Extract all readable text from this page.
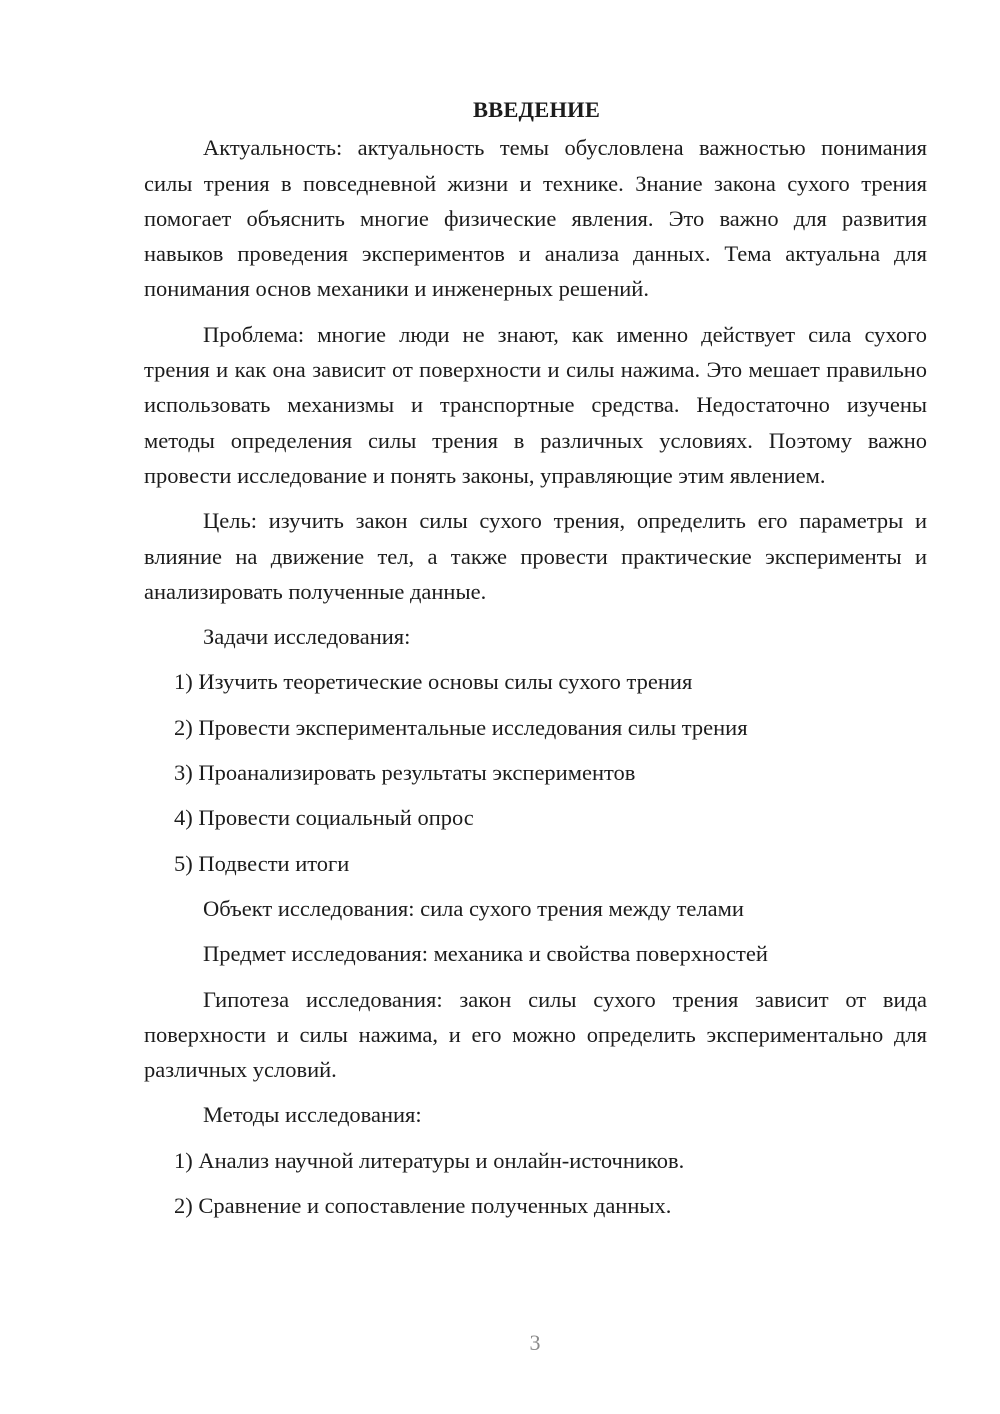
ВВЕДЕНИЕ

Актуальность: актуальность темы обусловлена важностью понимания силы трения в повседневной жизни и технике. Знание закона сухого трения помогает объяснить многие физические явления. Это важно для развития навыков проведения экспериментов и анализа данных. Тема актуальна для понимания основ механики и инженерных решений.

Проблема: многие люди не знают, как именно действует сила сухого трения и как она зависит от поверхности и силы нажима. Это мешает правильно использовать механизмы и транспортные средства. Недостаточно изучены методы определения силы трения в различных условиях. Поэтому важно провести исследование и понять законы, управляющие этим явлением.

Цель: изучить закон силы сухого трения, определить его параметры и влияние на движение тел, а также провести практические эксперименты и анализировать полученные данные.

Задачи исследования:

1) Изучить теоретические основы силы сухого трения

2) Провести экспериментальные исследования силы трения

3) Проанализировать результаты экспериментов

4) Провести социальный опрос

5) Подвести итоги

Объект исследования: сила сухого трения между телами

Предмет исследования: механика и свойства поверхностей

Гипотеза исследования: закон силы сухого трения зависит от вида поверхности и силы нажима, и его можно определить экспериментально для различных условий.

Методы исследования:

1) Анализ научной литературы и онлайн-источников.

2) Сравнение и сопоставление полученных данных.

3
